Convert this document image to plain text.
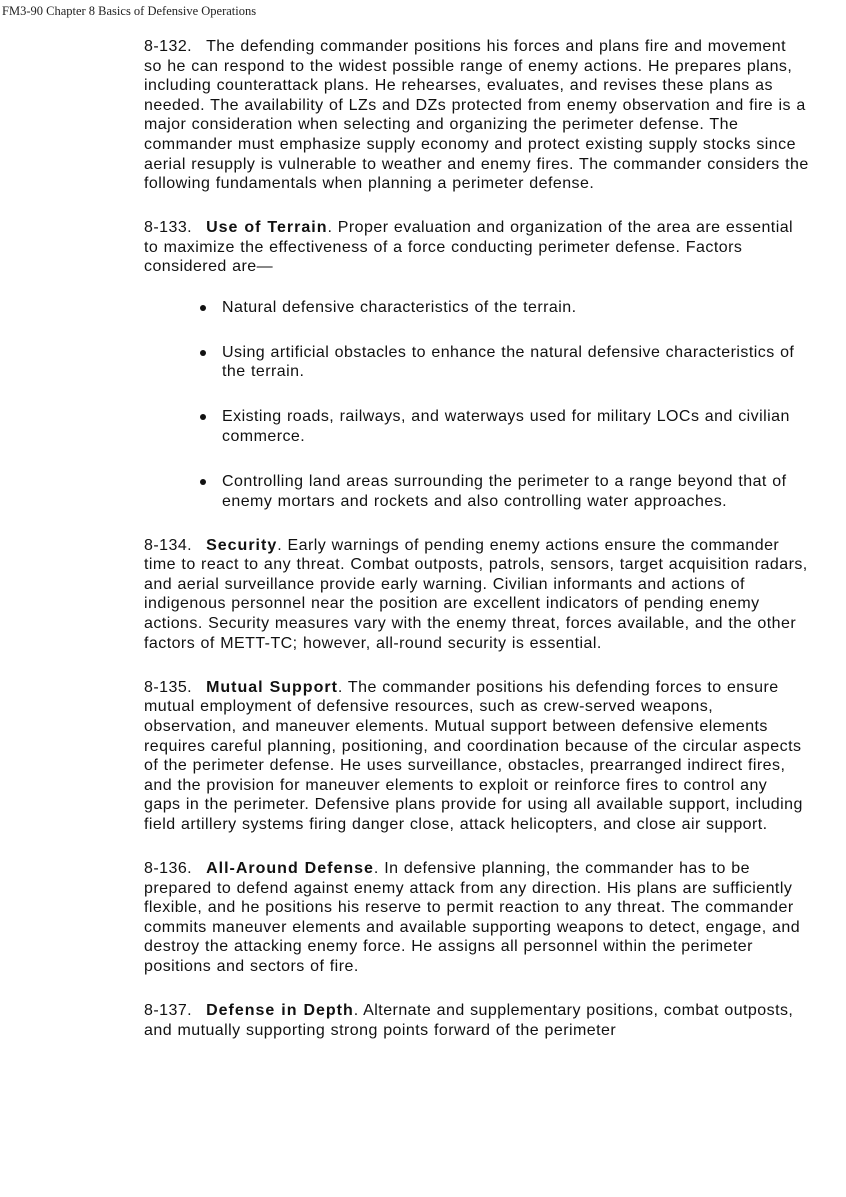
FM3-90 Chapter 8 Basics of Defensive Operations

8-132. The defending commander positions his forces and plans fire and movement so he can respond to the widest possible range of enemy actions. He prepares plans, including counterattack plans. He rehearses, evaluates, and revises these plans as needed. The availability of LZs and DZs protected from enemy observation and fire is a major consideration when selecting and organizing the perimeter defense. The commander must emphasize supply economy and protect existing supply stocks since aerial resupply is vulnerable to weather and enemy fires. The commander considers the following fundamentals when planning a perimeter defense.

8-133. Use of Terrain. Proper evaluation and organization of the area are essential to maximize the effectiveness of a force conducting perimeter defense. Factors considered are—

Natural defensive characteristics of the terrain.
Using artificial obstacles to enhance the natural defensive characteristics of the terrain.
Existing roads, railways, and waterways used for military LOCs and civilian commerce.
Controlling land areas surrounding the perimeter to a range beyond that of enemy mortars and rockets and also controlling water approaches.

8-134. Security. Early warnings of pending enemy actions ensure the commander time to react to any threat. Combat outposts, patrols, sensors, target acquisition radars, and aerial surveillance provide early warning. Civilian informants and actions of indigenous personnel near the position are excellent indicators of pending enemy actions. Security measures vary with the enemy threat, forces available, and the other factors of METT-TC; however, all-round security is essential.

8-135. Mutual Support. The commander positions his defending forces to ensure mutual employment of defensive resources, such as crew-served weapons, observation, and maneuver elements. Mutual support between defensive elements requires careful planning, positioning, and coordination because of the circular aspects of the perimeter defense. He uses surveillance, obstacles, prearranged indirect fires, and the provision for maneuver elements to exploit or reinforce fires to control any gaps in the perimeter. Defensive plans provide for using all available support, including field artillery systems firing danger close, attack helicopters, and close air support.

8-136. All-Around Defense. In defensive planning, the commander has to be prepared to defend against enemy attack from any direction. His plans are sufficiently flexible, and he positions his reserve to permit reaction to any threat. The commander commits maneuver elements and available supporting weapons to detect, engage, and destroy the attacking enemy force. He assigns all personnel within the perimeter positions and sectors of fire.

8-137. Defense in Depth. Alternate and supplementary positions, combat outposts, and mutually supporting strong points forward of the perimeter
